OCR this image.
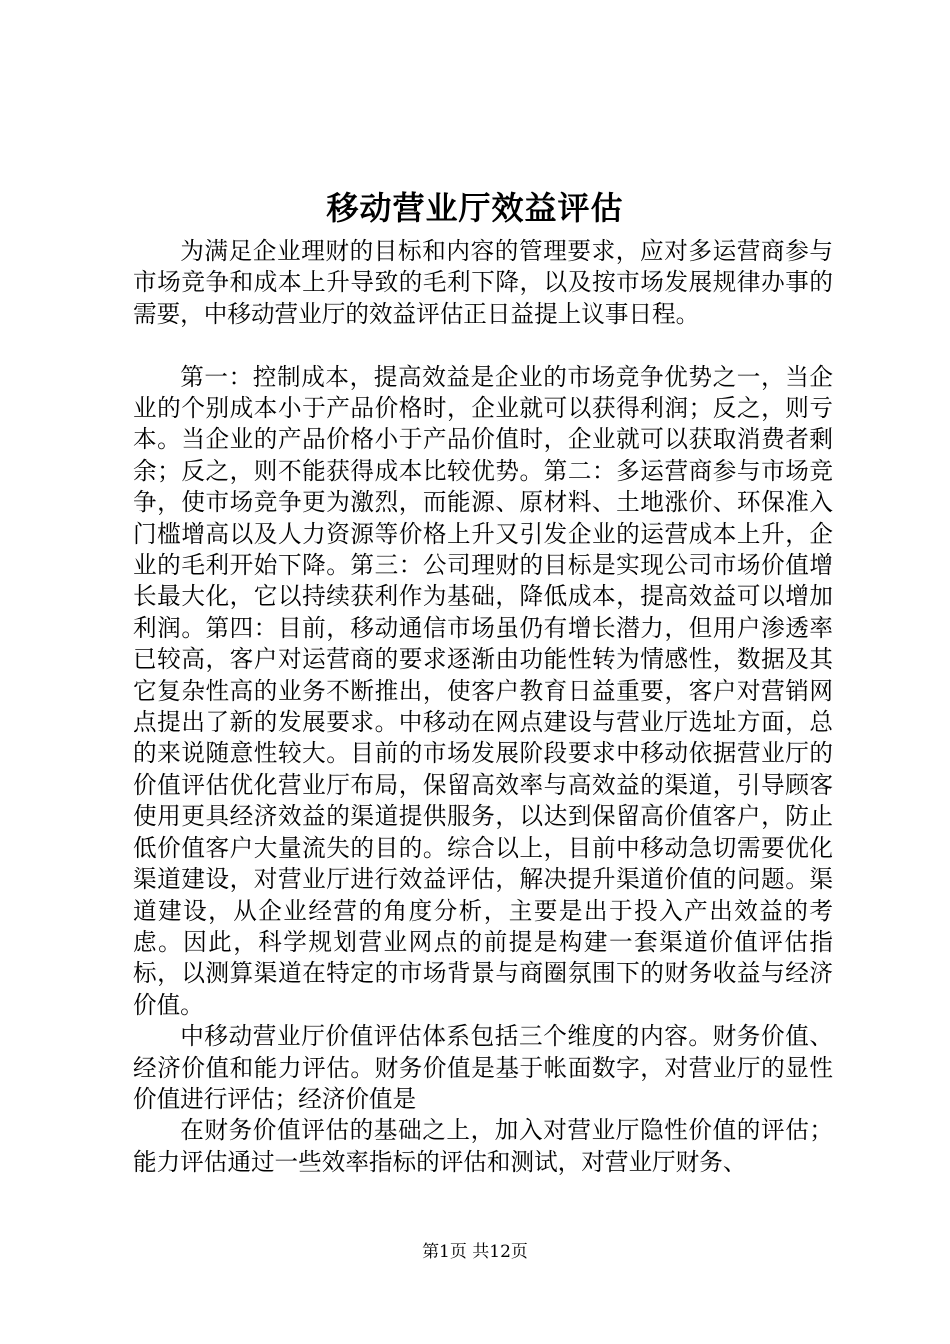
移动营业厅效益评估

为满足企业理财的目标和内容的管理要求，应对多运营商参与市场竞争和成本上升导致的毛利下降，以及按市场发展规律办事的需要，中移动营业厅的效益评估正日益提上议事日程。

第一：控制成本，提高效益是企业的市场竞争优势之一，当企业的个别成本小于产品价格时，企业就可以获得利润；反之，则亏本。当企业的产品价格小于产品价值时，企业就可以获取消费者剩余；反之，则不能获得成本比较优势。第二：多运营商参与市场竞争，使市场竞争更为激烈，而能源、原材料、土地涨价、环保准入门槛增高以及人力资源等价格上升又引发企业的运营成本上升，企业的毛利开始下降。第三：公司理财的目标是实现公司市场价值增长最大化，它以持续获利作为基础，降低成本，提高效益可以增加利润。第四：目前，移动通信市场虽仍有增长潜力，但用户渗透率已较高，客户对运营商的要求逐渐由功能性转为情感性，数据及其它复杂性高的业务不断推出，使客户教育日益重要，客户对营销网点提出了新的发展要求。中移动在网点建设与营业厅选址方面，总的来说随意性较大。目前的市场发展阶段要求中移动依据营业厅的价值评估优化营业厅布局，保留高效率与高效益的渠道，引导顾客使用更具经济效益的渠道提供服务，以达到保留高价值客户，防止低价值客户大量流失的目的。综合以上，目前中移动急切需要优化渠道建设，对营业厅进行效益评估，解决提升渠道价值的问题。渠道建设，从企业经营的角度分析，主要是出于投入产出效益的考虑。因此，科学规划营业网点的前提是构建一套渠道价值评估指标，以测算渠道在特定的市场背景与商圈氛围下的财务收益与经济价值。

中移动营业厅价值评估体系包括三个维度的内容。财务价值、经济价值和能力评估。财务价值是基于帐面数字，对营业厅的显性价值进行评估；经济价值是

在财务价值评估的基础之上，加入对营业厅隐性价值的评估；能力评估通过一些效率指标的评估和测试，对营业厅财务、

第1页 共12页
